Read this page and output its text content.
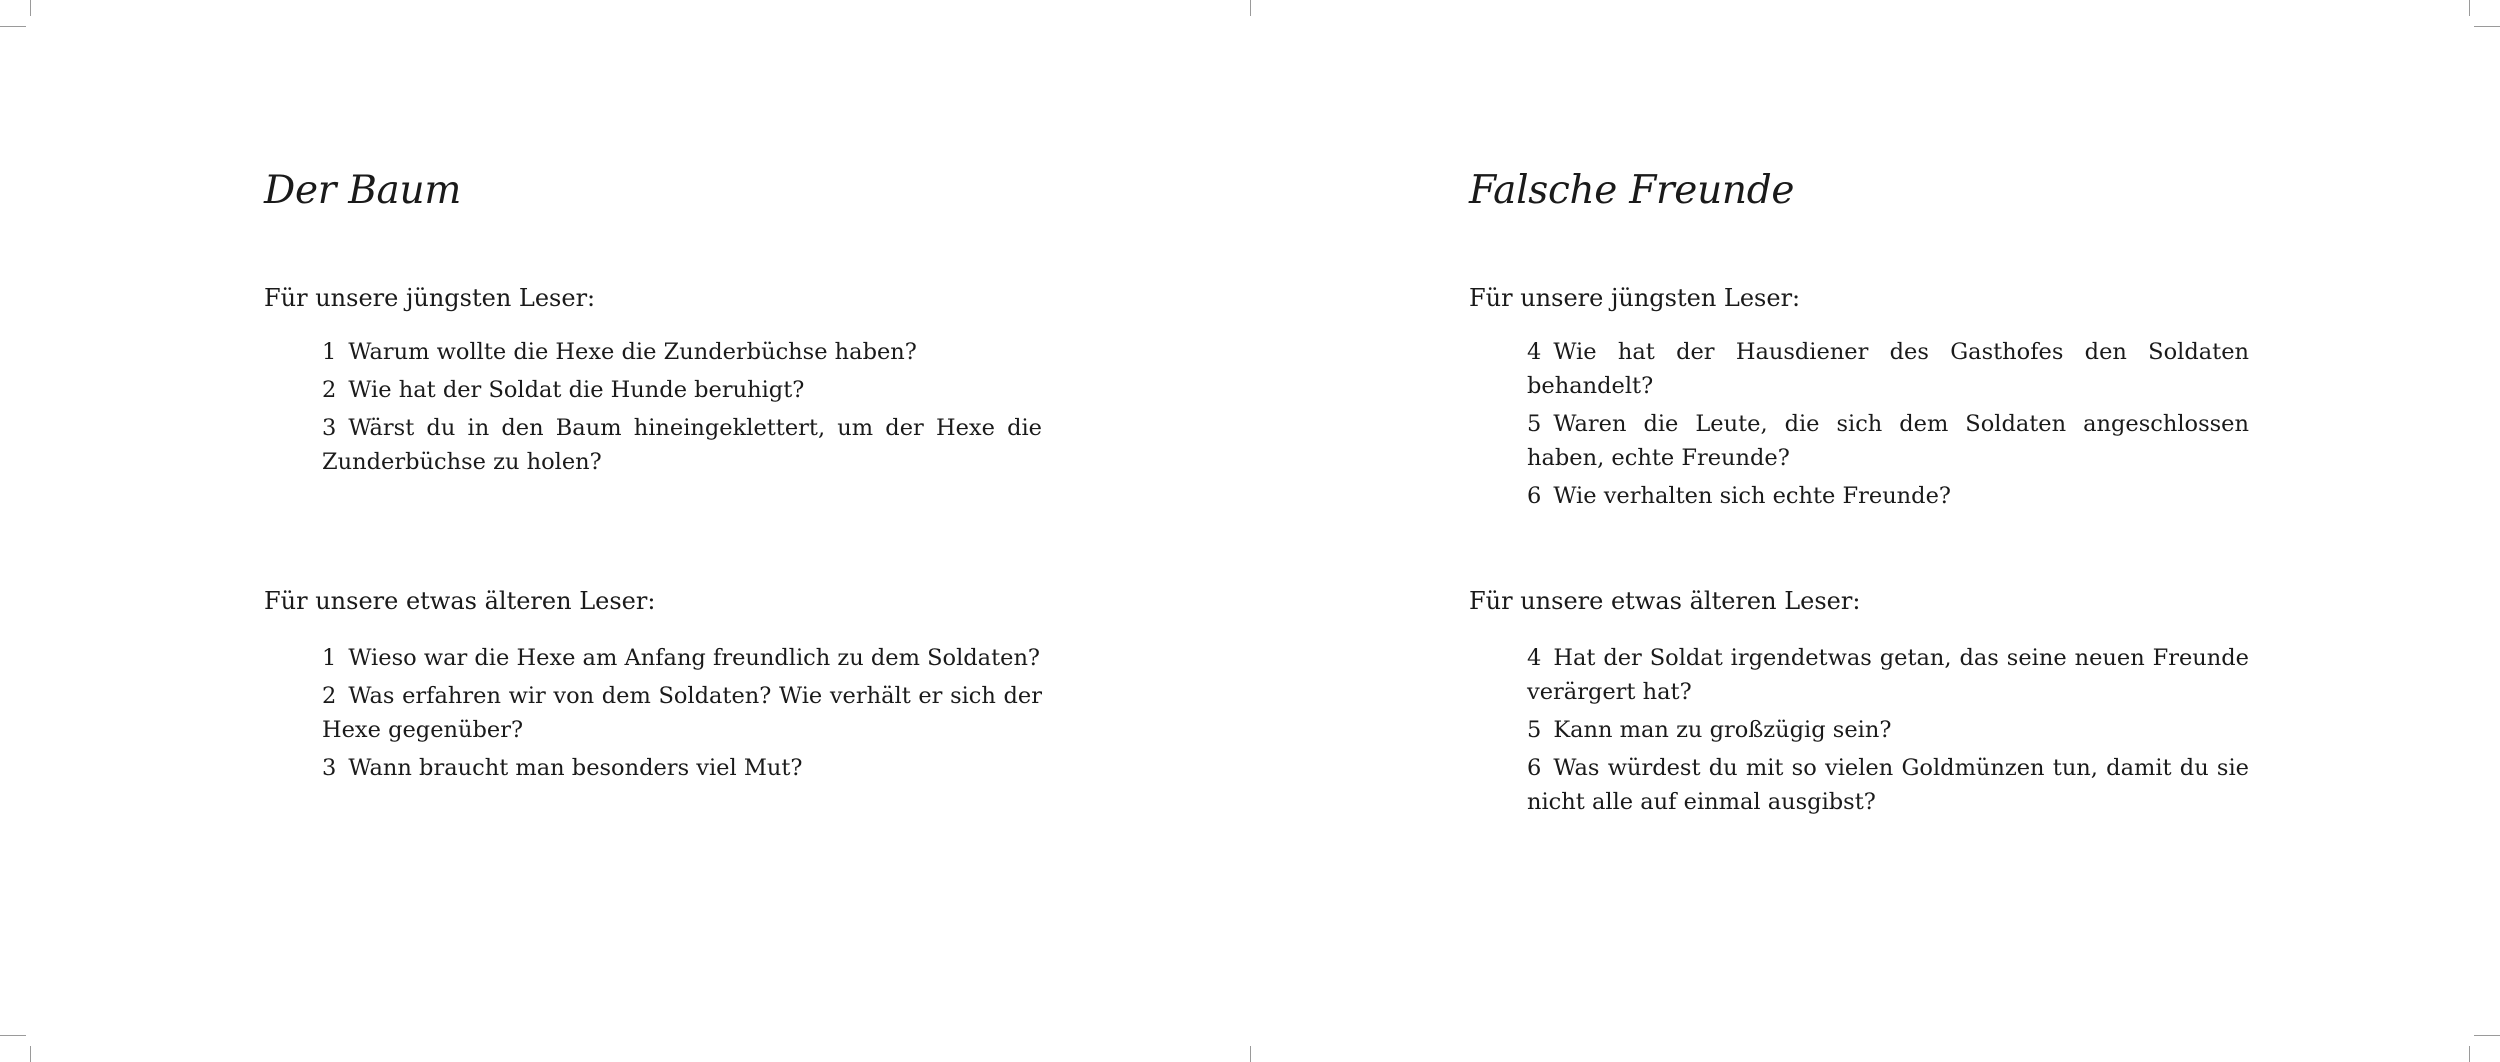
Der Baum
Für unsere jüngsten Leser:
1 Warum wollte die Hexe die Zunderbüchse haben?
2 Wie hat der Soldat die Hunde beruhigt?
3 Wärst du in den Baum hineingeklettert, um der Hexe die Zunderbüchse zu holen?
Für unsere etwas älteren Leser:
1 Wieso war die Hexe am Anfang freundlich zu dem Soldaten?
2 Was erfahren wir von dem Soldaten? Wie verhält er sich der Hexe gegenüber?
3 Wann braucht man besonders viel Mut?
Falsche Freunde
Für unsere jüngsten Leser:
4 Wie hat der Hausdiener des Gasthofes den Soldaten behandelt?
5 Waren die Leute, die sich dem Soldaten angeschlossen haben, echte Freunde?
6 Wie verhalten sich echte Freunde?
Für unsere etwas älteren Leser:
4 Hat der Soldat irgendetwas getan, das seine neuen Freunde verärgert hat?
5 Kann man zu großzügig sein?
6 Was würdest du mit so vielen Goldmünzen tun, damit du sie nicht alle auf einmal ausgibst?
